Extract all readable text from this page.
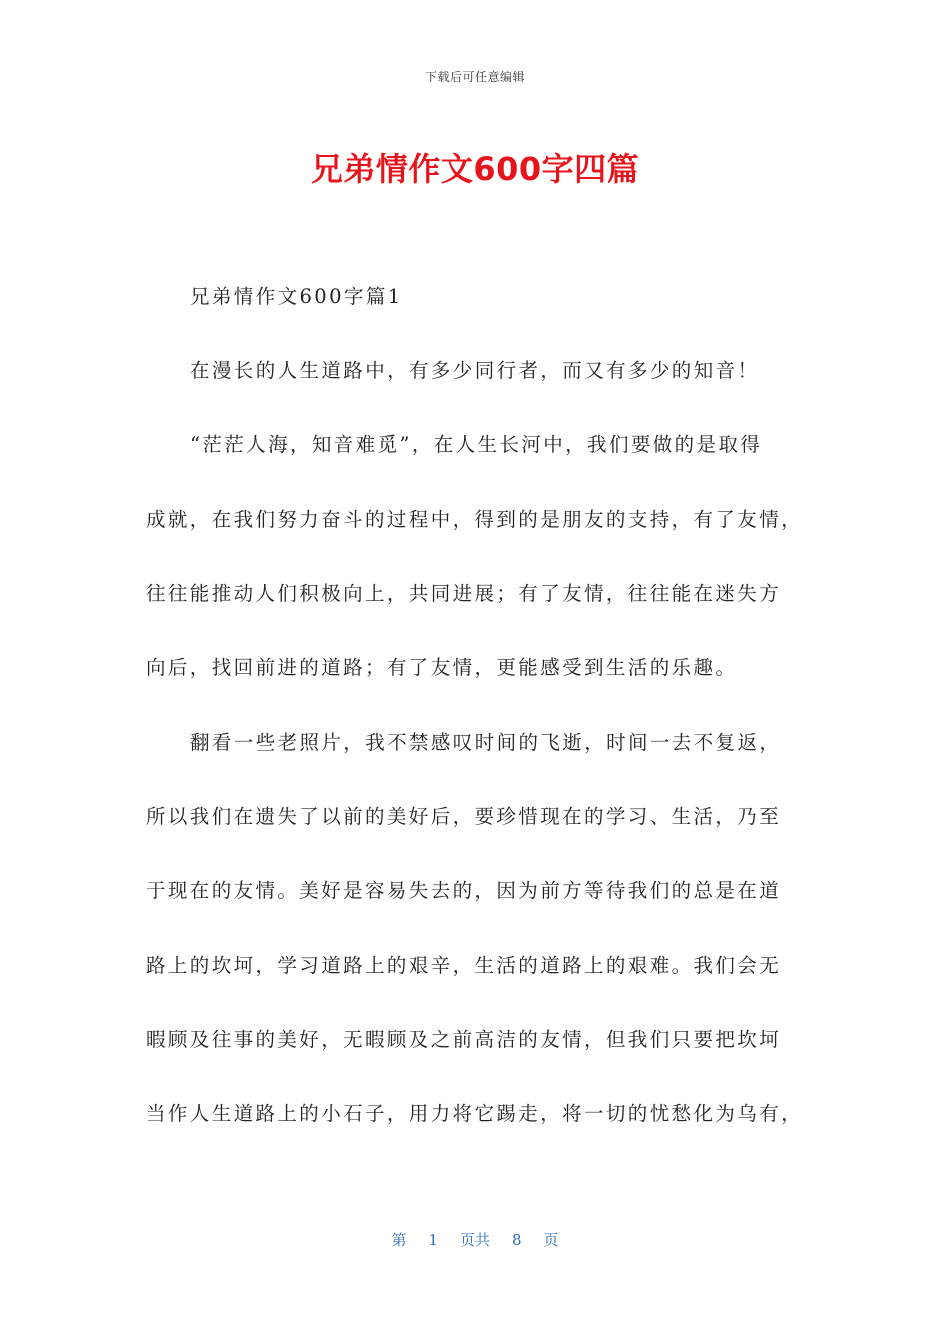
下载后可任意编辑
兄弟情作文600字四篇
兄弟情作文600字篇1
在漫长的人生道路中，有多少同行者，而又有多少的知音！
“茫茫人海，知音难觅”，在人生长河中，我们要做的是取得
成就，在我们努力奋斗的过程中，得到的是朋友的支持，有了友情，
往往能推动人们积极向上，共同进展；有了友情，往往能在迷失方
向后，找回前进的道路；有了友情，更能感受到生活的乐趣。
翻看一些老照片，我不禁感叹时间的飞逝，时间一去不复返，
所以我们在遗失了以前的美好后，要珍惜现在的学习、生活，乃至
于现在的友情。美好是容易失去的，因为前方等待我们的总是在道
路上的坎坷，学习道路上的艰辛，生活的道路上的艰难。我们会无
暇顾及往事的美好，无暇顾及之前高洁的友情，但我们只要把坎坷
当作人生道路上的小石子，用力将它踢走，将一切的忧愁化为乌有，
第 1 页共 8 页
